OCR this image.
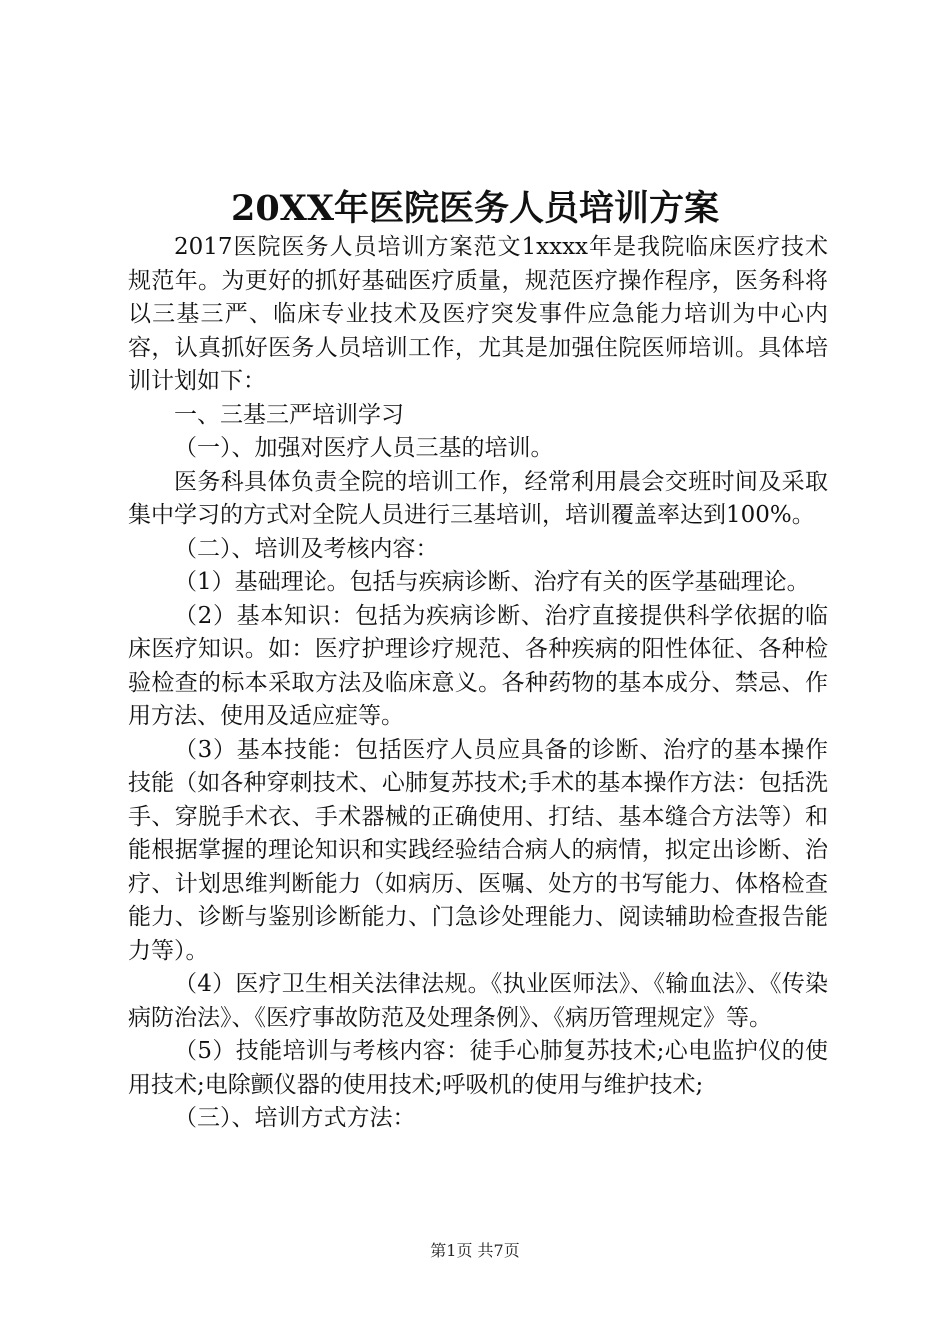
20XX年医院医务人员培训方案

2017医院医务人员培训方案范文1xxxx年是我院临床医疗技术规范年。为更好的抓好基础医疗质量，规范医疗操作程序，医务科将以三基三严、临床专业技术及医疗突发事件应急能力培训为中心内容，认真抓好医务人员培训工作，尤其是加强住院医师培训。具体培训计划如下：

一、三基三严培训学习

（一）、加强对医疗人员三基的培训。

医务科具体负责全院的培训工作，经常利用晨会交班时间及采取集中学习的方式对全院人员进行三基培训，培训覆盖率达到100%。

（二）、培训及考核内容：

（1）基础理论。包括与疾病诊断、治疗有关的医学基础理论。

（2）基本知识：包括为疾病诊断、治疗直接提供科学依据的临床医疗知识。如：医疗护理诊疗规范、各种疾病的阳性体征、各种检验检查的标本采取方法及临床意义。各种药物的基本成分、禁忌、作用方法、使用及适应症等。

（3）基本技能：包括医疗人员应具备的诊断、治疗的基本操作技能（如各种穿刺技术、心肺复苏技术;手术的基本操作方法：包括洗手、穿脱手术衣、手术器械的正确使用、打结、基本缝合方法等）和能根据掌握的理论知识和实践经验结合病人的病情，拟定出诊断、治疗、计划思维判断能力（如病历、医嘱、处方的书写能力、体格检查能力、诊断与鉴别诊断能力、门急诊处理能力、阅读辅助检查报告能力等）。

（4）医疗卫生相关法律法规。《执业医师法》、《输血法》、《传染病防治法》、《医疗事故防范及处理条例》、《病历管理规定》等。

（5）技能培训与考核内容：徒手心肺复苏技术;心电监护仪的使用技术;电除颤仪器的使用技术;呼吸机的使用与维护技术;

（三）、培训方式方法：

第1页 共7页
